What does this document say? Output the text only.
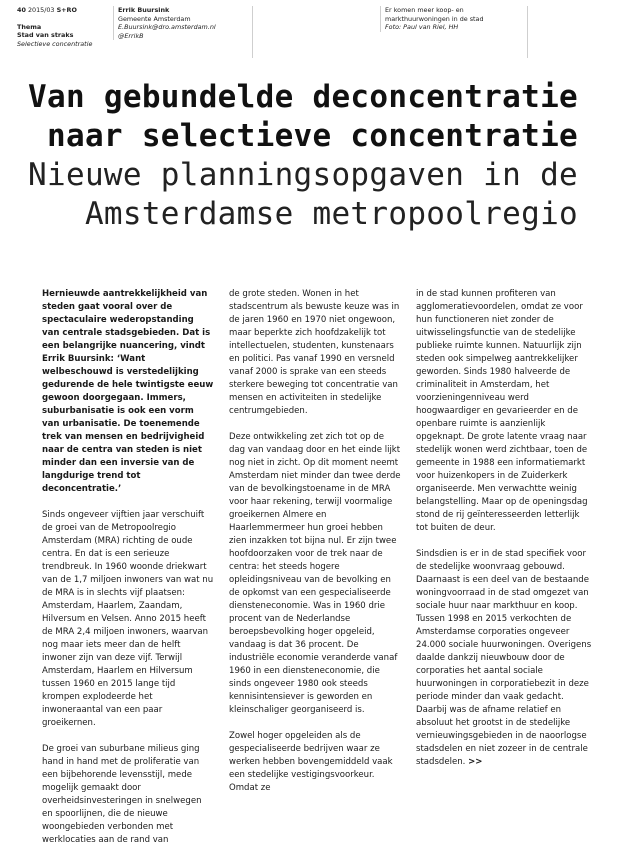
40 2015/03 S+RO
Thema
Stad van straks
Selectieve concentratie
Errik Buursink
Gemeente Amsterdam
E.Buursink@dro.amsterdam.nl
@ErrikB
Er komen meer koop- en
markthuurwoningen in de stad
Foto: Paul van Riel, HH
Van gebundelde deconcentratie
naar selectieve concentratie
Nieuwe planningsopgaven in de
Amsterdamse metropoolregio

Hernieuwde aantrekkelijkheid van steden gaat vooral over de spectaculaire wederopstanding van centrale stadsgebieden. Dat is een belangrijke nuancering, vindt Errik Buursink: ‘Want welbeschouwd is verstedelijking gedurende de hele twintigste eeuw gewoon doorgegaan. Immers, suburbanisatie is ook een vorm van urbanisatie. De toenemende trek van mensen en bedrijvigheid naar de centra van steden is niet minder dan een inversie van de langdurige trend tot deconcentratie.’

Sinds ongeveer vijftien jaar verschuift de groei van de Metropoolregio Amsterdam (MRA) richting de oude centra. En dat is een serieuze trendbreuk. In 1960 woonde driekwart van de 1,7 miljoen inwoners van wat nu de MRA is in slechts vijf plaatsen: Amsterdam, Haarlem, Zaandam, Hilversum en Velsen. Anno 2015 heeft de MRA 2,4 miljoen inwoners, waarvan nog maar iets meer dan de helft inwoner zijn van deze vijf. Terwijl Amsterdam, Haarlem en Hilversum tussen 1960 en 2015 lange tijd krompen explodeerde het inwoneraantal van een paar groeikernen.

De groei van suburbane milieus ging hand in hand met de proliferatie van een bijbehorende levensstijl, mede mogelijk gemaakt door overheidsinvesteringen in snelwegen en spoorlijnen, die de nieuwe woongebieden verbonden met werklocaties aan de rand van

de grote steden. Wonen in het stadscentrum als bewuste keuze was in de jaren 1960 en 1970 niet ongewoon, maar beperkte zich hoofdzakelijk tot intellectuelen, studenten, kunstenaars en politici. Pas vanaf 1990 en versneld vanaf 2000 is sprake van een steeds sterkere beweging tot concentratie van mensen en activiteiten in stedelijke centrumgebieden.

Deze ontwikkeling zet zich tot op de dag van vandaag door en het einde lijkt nog niet in zicht. Op dit moment neemt Amsterdam niet minder dan twee derde van de bevolkingstoename in de MRA voor haar rekening, terwijl voormalige groeikernen Almere en Haarlemmermeer hun groei hebben zien inzakken tot bijna nul. Er zijn twee hoofdoorzaken voor de trek naar de centra: het steeds hogere opleidingsniveau van de bevolking en de opkomst van een gespecialiseerde diensteneconomie. Was in 1960 drie procent van de Nederlandse beroepsbevolking hoger opgeleid, vandaag is dat 36 procent. De industriële economie veranderde vanaf 1960 in een diensteneconomie, die sinds ongeveer 1980 ook steeds kennisintensiever is geworden en kleinschaliger georganiseerd is.

Zowel hoger opgeleiden als de gespecialiseerde bedrijven waar ze werken hebben bovengemiddeld vaak een stedelijke vestigingsvoorkeur. Omdat ze

in de stad kunnen profiteren van agglomeratievoordelen, omdat ze voor hun functioneren niet zonder de uitwisselingsfunctie van de stedelijke publieke ruimte kunnen. Natuurlijk zijn steden ook simpelweg aantrekkelijker geworden. Sinds 1980 halveerde de criminaliteit in Amsterdam, het voorzieningenniveau werd hoogwaardiger en gevarieerder en de openbare ruimte is aanzienlijk opgeknapt. De grote latente vraag naar stedelijk wonen werd zichtbaar, toen de gemeente in 1988 een informatiemarkt voor huizenkopers in de Zuiderkerk organiseerde. Men verwachtte weinig belangstelling. Maar op de openingsdag stond de rij geïnteresseerden letterlijk tot buiten de deur.

Sindsdien is er in de stad specifiek voor de stedelijke woonvraag gebouwd. Daarnaast is een deel van de bestaande woningvoorraad in de stad omgezet van sociale huur naar markthuur en koop. Tussen 1998 en 2015 verkochten de Amsterdamse corporaties ongeveer 24.000 sociale huurwoningen. Overigens daalde dankzij nieuwbouw door de corporaties het aantal sociale huurwoningen in corporatiebezit in deze periode minder dan vaak gedacht. Daarbij was de afname relatief en absoluut het grootst in de stedelijke vernieuwingsgebieden in de naoorlogse stadsdelen en niet zozeer in de centrale stadsdelen. >>
